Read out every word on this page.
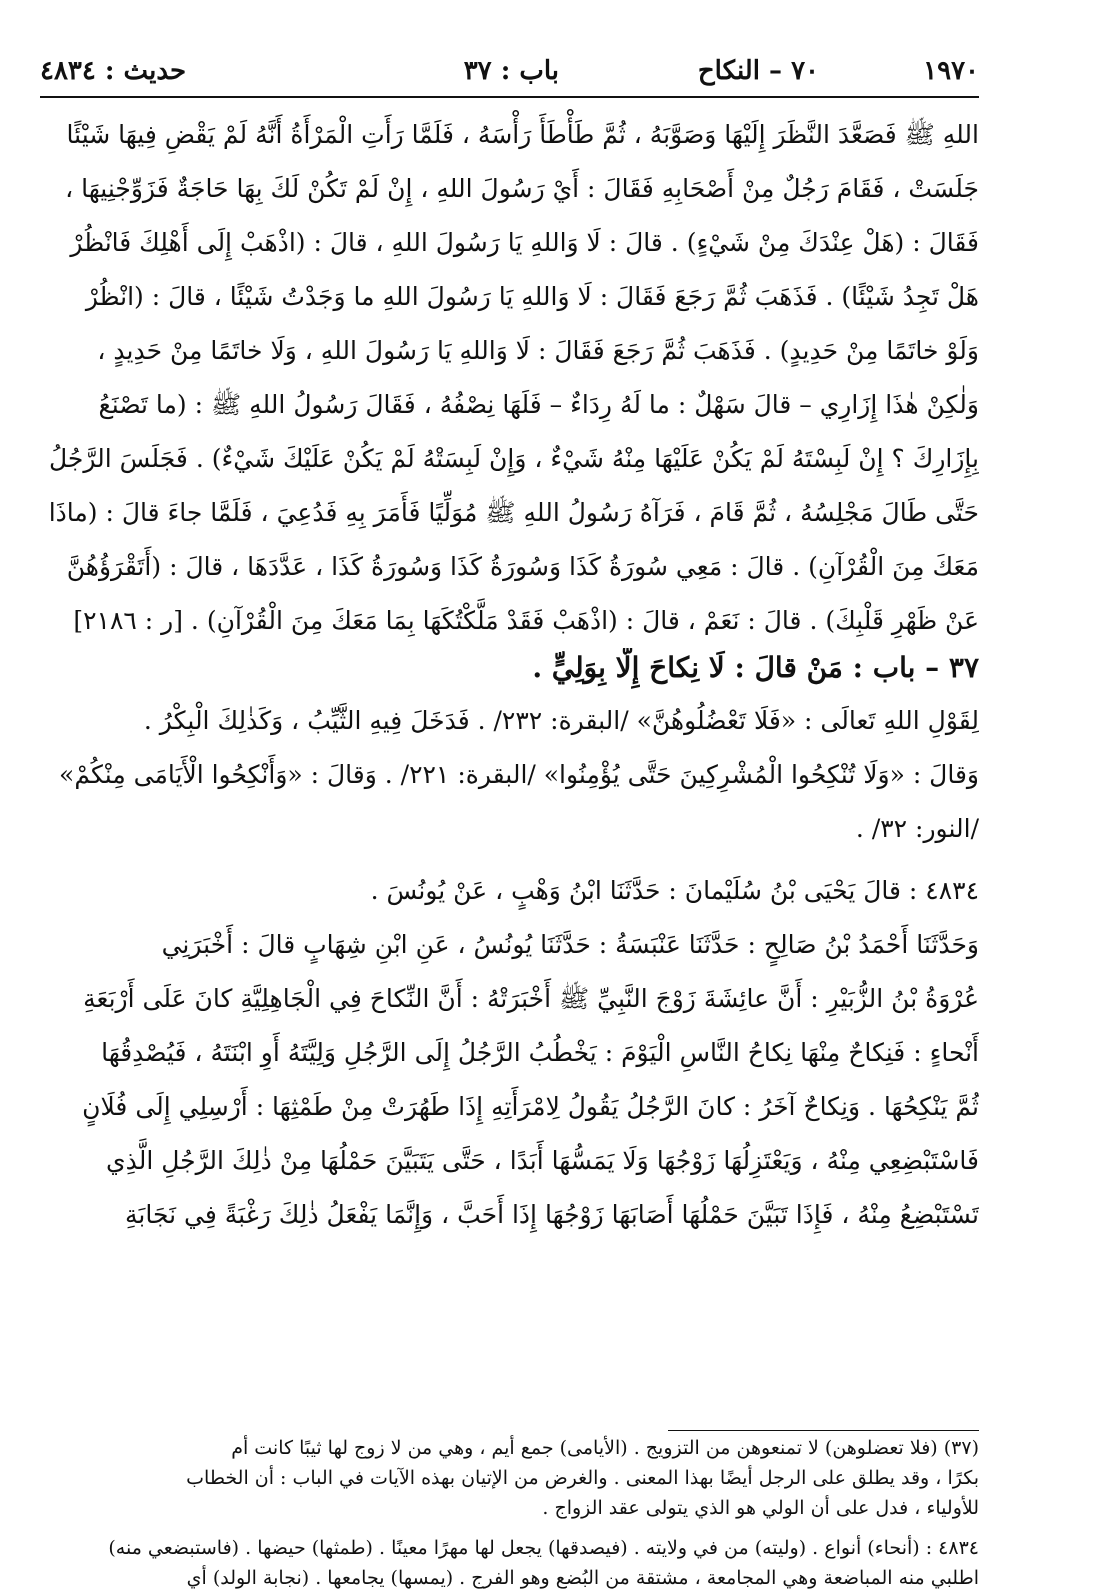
١٩٧٠
٧٠ – النكاح
باب : ٣٧
حديث : ٤٨٣٤
اللهِ ﷺ فَصَعَّدَ النَّظَرَ إِلَيْهَا وَصَوَّبَهُ ، ثُمَّ طَأْطَأَ رَأْسَهُ ، فَلَمَّا رَأَتِ الْمَرْأَةُ أَنَّهُ لَمْ يَقْضِ فِيهَا شَيْئًا
جَلَسَتْ ، فَقَامَ رَجُلٌ مِنْ أَصْحَابِهِ فَقَالَ : أَيْ رَسُولَ اللهِ ، إِنْ لَمْ تَكُنْ لَكَ بِهَا حَاجَةٌ فَزَوِّجْنِيهَا ،
فَقَالَ : (هَلْ عِنْدَكَ مِنْ شَيْءٍ) . قالَ : لَا وَاللهِ يَا رَسُولَ اللهِ ، قالَ : (اذْهَبْ إِلَى أَهْلِكَ فَانْظُرْ
هَلْ تَجِدُ شَيْئًا) . فَذَهَبَ ثُمَّ رَجَعَ فَقَالَ : لَا وَاللهِ يَا رَسُولَ اللهِ ما وَجَدْتُ شَيْئًا ، قالَ : (انْظُرْ
وَلَوْ خاتَمًا مِنْ حَدِيدٍ) . فَذَهَبَ ثُمَّ رَجَعَ فَقَالَ : لَا وَاللهِ يَا رَسُولَ اللهِ ، وَلَا خاتَمًا مِنْ حَدِيدٍ ،
وَلٰكِنْ هٰذَا إِزَارِي – قالَ سَهْلٌ : ما لَهُ رِدَاءٌ – فَلَهَا نِصْفُهُ ، فَقَالَ رَسُولُ اللهِ ﷺ : (ما تَصْنَعُ
بِإِزَارِكَ ؟ إِنْ لَبِسْتَهُ لَمْ يَكُنْ عَلَيْهَا مِنْهُ شَيْءٌ ، وَإِنْ لَبِسَتْهُ لَمْ يَكُنْ عَلَيْكَ شَيْءٌ) . فَجَلَسَ الرَّجُلُ
حَتَّى طَالَ مَجْلِسُهُ ، ثُمَّ قَامَ ، فَرَآهُ رَسُولُ اللهِ ﷺ مُوَلِّيًا فَأَمَرَ بِهِ فَدُعِيَ ، فَلَمَّا جاءَ قالَ : (ماذَا
مَعَكَ مِنَ الْقُرْآنِ) . قالَ : مَعِي سُورَةُ كَذَا وَسُورَةُ كَذَا وَسُورَةُ كَذَا ، عَدَّدَهَا ، قالَ : (أَتَقْرَؤُهُنَّ
عَنْ ظَهْرِ قَلْبِكَ) . قالَ : نَعَمْ ، قالَ : (اذْهَبْ فَقَدْ مَلَّكْتُكَهَا بِمَا مَعَكَ مِنَ الْقُرْآنِ) . [ر : ٢١٨٦]
٣٧ – باب : مَنْ قالَ : لَا نِكاحَ إِلَّا بِوَلِيٍّ .
لِقَوْلِ اللهِ تَعالَى : «فَلَا تَعْضُلُوهُنَّ» /البقرة: ٢٣٢/ . فَدَخَلَ فِيهِ الثَّيِّبُ ، وَكَذٰلِكَ الْبِكْرُ .
وَقالَ : «وَلَا تُنْكِحُوا الْمُشْرِكِينَ حَتَّى يُؤْمِنُوا» /البقرة: ٢٢١/ . وَقالَ : «وَأَنْكِحُوا الْأَيَامَى مِنْكُمْ»
/النور: ٣٢/ .
٤٨٣٤ : قالَ يَحْيَى بْنُ سُلَيْمانَ : حَدَّثَنَا ابْنُ وَهْبٍ ، عَنْ يُونُسَ .
وَحَدَّثَنَا أَحْمَدُ بْنُ صَالِحٍ : حَدَّثَنَا عَنْبَسَةُ : حَدَّثَنَا يُونُسُ ، عَنِ ابْنِ شِهَابٍ قالَ : أَخْبَرَنِي
عُرْوَةُ بْنُ الزُّبَيْرِ : أَنَّ عائِشَةَ زَوْجَ النَّبِيِّ ﷺ أَخْبَرَتْهُ : أَنَّ النِّكاحَ فِي الْجَاهِلِيَّةِ كانَ عَلَى أَرْبَعَةِ
أَنْحاءٍ : فَنِكاحٌ مِنْهَا نِكاحُ النَّاسِ الْيَوْمَ : يَخْطُبُ الرَّجُلُ إِلَى الرَّجُلِ وَلِيَّتَهُ أَوِ ابْنَتَهُ ، فَيُصْدِقُهَا
ثُمَّ يَنْكِحُهَا . وَنِكاحٌ آخَرُ : كانَ الرَّجُلُ يَقُولُ لِامْرَأَتِهِ إِذَا طَهُرَتْ مِنْ طَمْثِهَا : أَرْسِلِي إِلَى فُلَانٍ
فَاسْتَبْضِعِي مِنْهُ ، وَيَعْتَزِلُهَا زَوْجُهَا وَلَا يَمَسُّهَا أَبَدًا ، حَتَّى يَتَبَيَّنَ حَمْلُهَا مِنْ ذٰلِكَ الرَّجُلِ الَّذِي
تَسْتَبْضِعُ مِنْهُ ، فَإِذَا تَبَيَّنَ حَمْلُهَا أَصَابَهَا زَوْجُهَا إِذَا أَحَبَّ ، وَإِنَّمَا يَفْعَلُ ذٰلِكَ رَغْبَةً فِي نَجَابَةِ
(٣٧) (فلا تعضلوهن) لا تمنعوهن من التزويج . (الأيامى) جمع أيم ، وهي من لا زوج لها ثيبًا كانت أم
بكرًا ، وقد يطلق على الرجل أيضًا بهذا المعنى . والغرض من الإتيان بهذه الآيات في الباب : أن الخطاب
للأولياء ، فدل على أن الولي هو الذي يتولى عقد الزواج .
٤٨٣٤ : (أنحاء) أنواع . (وليته) من في ولايته . (فيصدقها) يجعل لها مهرًا معينًا . (طمثها) حيضها . (فاستبضعي منه)
اطلبي منه المباضعة وهي المجامعة ، مشتقة من البُضع وهو الفرج . (يمسها) يجامعها . (نجابة الولد) أي
